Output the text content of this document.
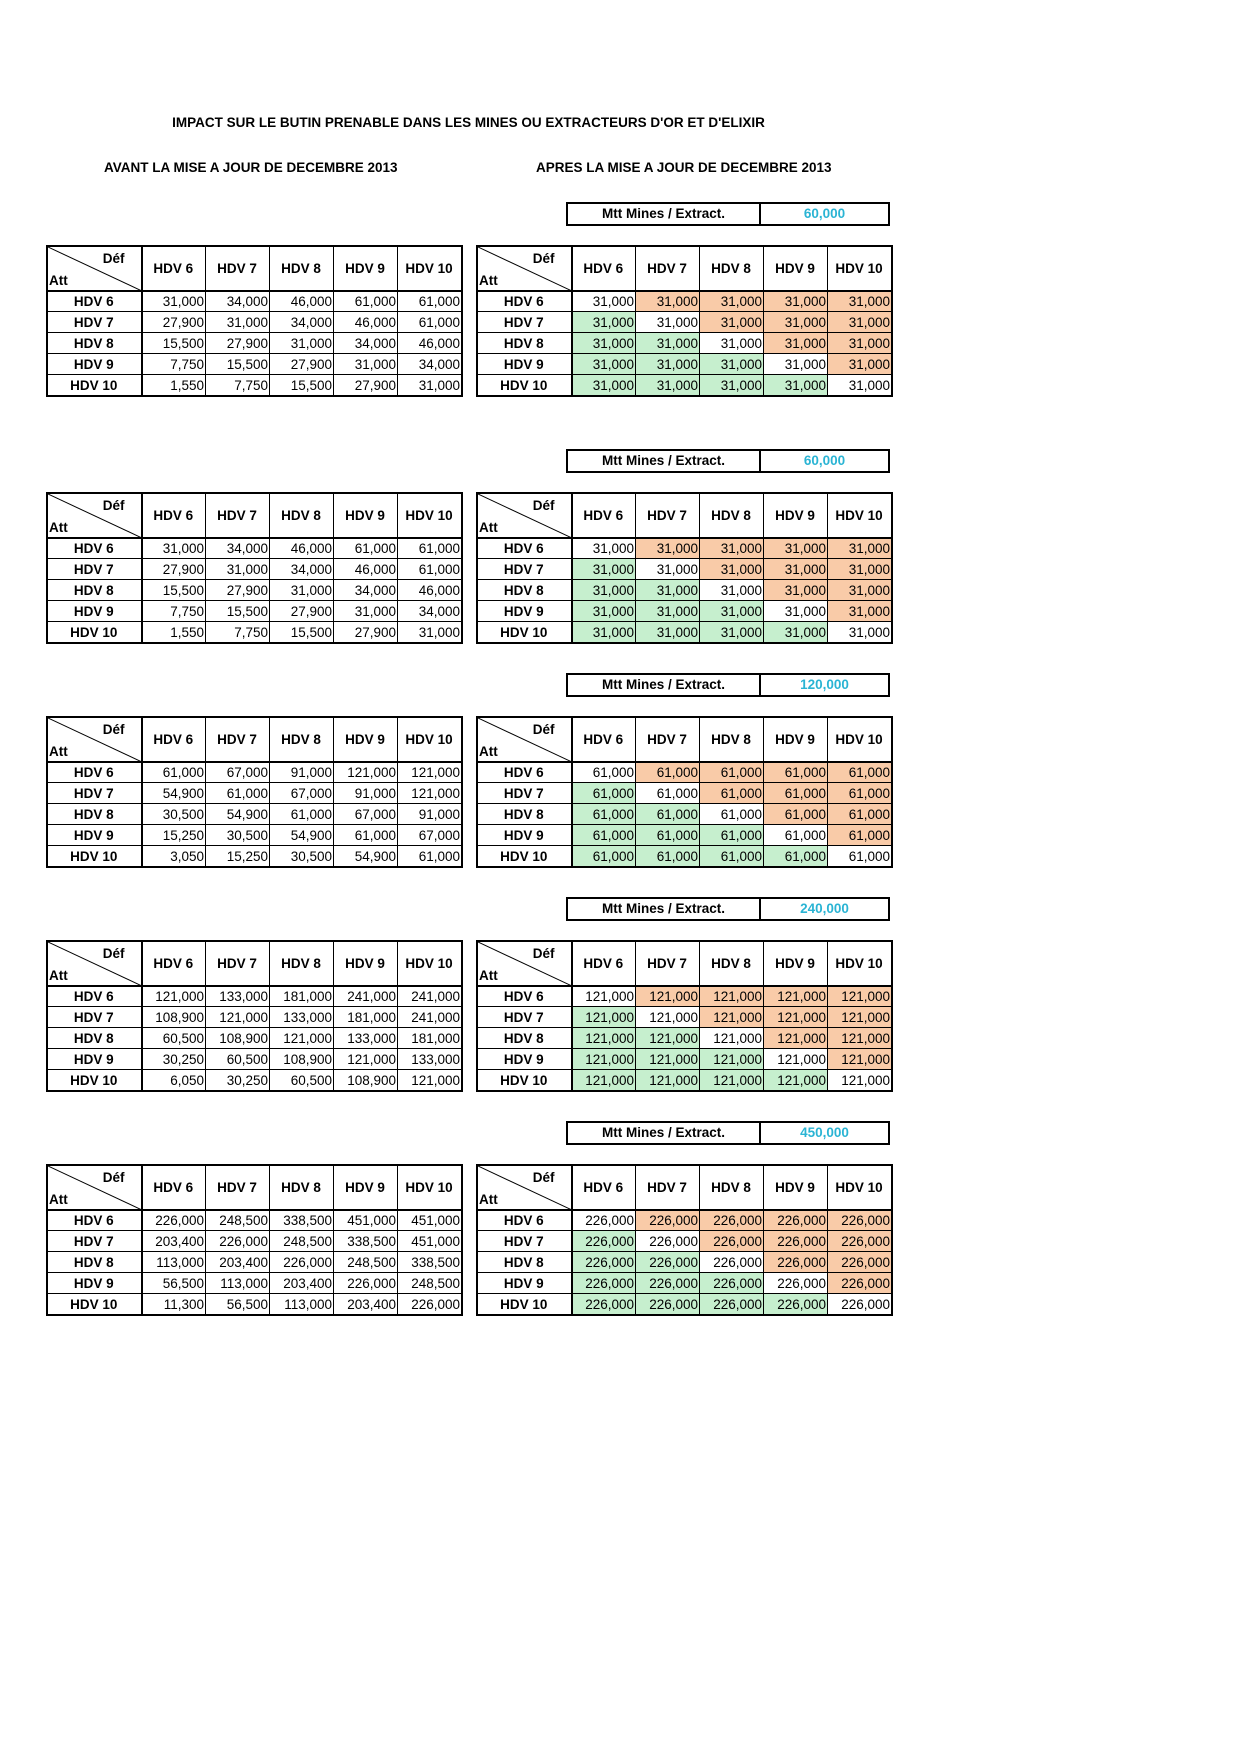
IMPACT SUR LE BUTIN PRENABLE DANS LES MINES OU EXTRACTEURS D'OR ET D'ELIXIR
AVANT LA MISE A JOUR DE DECEMBRE 2013	APRES LA MISE A JOUR DE DECEMBRE 2013
Mtt Mines / Extract.	60,000
Déf
Att	HDV 6	HDV 7	HDV 8	HDV 9	HDV 10
HDV 6	31,000	34,000	46,000	61,000	61,000
HDV 7	27,900	31,000	34,000	46,000	61,000
HDV 8	15,500	27,900	31,000	34,000	46,000
HDV 9	7,750	15,500	27,900	31,000	34,000
HDV 10	1,550	7,750	15,500	27,900	31,000
Déf
Att	HDV 6	HDV 7	HDV 8	HDV 9	HDV 10
HDV 6	31,000	31,000	31,000	31,000	31,000
HDV 7	31,000	31,000	31,000	31,000	31,000
HDV 8	31,000	31,000	31,000	31,000	31,000
HDV 9	31,000	31,000	31,000	31,000	31,000
HDV 10	31,000	31,000	31,000	31,000	31,000
Mtt Mines / Extract.	60,000
Déf
Att	HDV 6	HDV 7	HDV 8	HDV 9	HDV 10
HDV 6	31,000	34,000	46,000	61,000	61,000
HDV 7	27,900	31,000	34,000	46,000	61,000
HDV 8	15,500	27,900	31,000	34,000	46,000
HDV 9	7,750	15,500	27,900	31,000	34,000
HDV 10	1,550	7,750	15,500	27,900	31,000
Déf
Att	HDV 6	HDV 7	HDV 8	HDV 9	HDV 10
HDV 6	31,000	31,000	31,000	31,000	31,000
HDV 7	31,000	31,000	31,000	31,000	31,000
HDV 8	31,000	31,000	31,000	31,000	31,000
HDV 9	31,000	31,000	31,000	31,000	31,000
HDV 10	31,000	31,000	31,000	31,000	31,000
Mtt Mines / Extract.	120,000
Déf
Att	HDV 6	HDV 7	HDV 8	HDV 9	HDV 10
HDV 6	61,000	67,000	91,000	121,000	121,000
HDV 7	54,900	61,000	67,000	91,000	121,000
HDV 8	30,500	54,900	61,000	67,000	91,000
HDV 9	15,250	30,500	54,900	61,000	67,000
HDV 10	3,050	15,250	30,500	54,900	61,000
Déf
Att	HDV 6	HDV 7	HDV 8	HDV 9	HDV 10
HDV 6	61,000	61,000	61,000	61,000	61,000
HDV 7	61,000	61,000	61,000	61,000	61,000
HDV 8	61,000	61,000	61,000	61,000	61,000
HDV 9	61,000	61,000	61,000	61,000	61,000
HDV 10	61,000	61,000	61,000	61,000	61,000
Mtt Mines / Extract.	240,000
Déf
Att	HDV 6	HDV 7	HDV 8	HDV 9	HDV 10
HDV 6	121,000	133,000	181,000	241,000	241,000
HDV 7	108,900	121,000	133,000	181,000	241,000
HDV 8	60,500	108,900	121,000	133,000	181,000
HDV 9	30,250	60,500	108,900	121,000	133,000
HDV 10	6,050	30,250	60,500	108,900	121,000
Déf
Att	HDV 6	HDV 7	HDV 8	HDV 9	HDV 10
HDV 6	121,000	121,000	121,000	121,000	121,000
HDV 7	121,000	121,000	121,000	121,000	121,000
HDV 8	121,000	121,000	121,000	121,000	121,000
HDV 9	121,000	121,000	121,000	121,000	121,000
HDV 10	121,000	121,000	121,000	121,000	121,000
Mtt Mines / Extract.	450,000
Déf
Att	HDV 6	HDV 7	HDV 8	HDV 9	HDV 10
HDV 6	226,000	248,500	338,500	451,000	451,000
HDV 7	203,400	226,000	248,500	338,500	451,000
HDV 8	113,000	203,400	226,000	248,500	338,500
HDV 9	56,500	113,000	203,400	226,000	248,500
HDV 10	11,300	56,500	113,000	203,400	226,000
Déf
Att	HDV 6	HDV 7	HDV 8	HDV 9	HDV 10
HDV 6	226,000	226,000	226,000	226,000	226,000
HDV 7	226,000	226,000	226,000	226,000	226,000
HDV 8	226,000	226,000	226,000	226,000	226,000
HDV 9	226,000	226,000	226,000	226,000	226,000
HDV 10	226,000	226,000	226,000	226,000	226,000
